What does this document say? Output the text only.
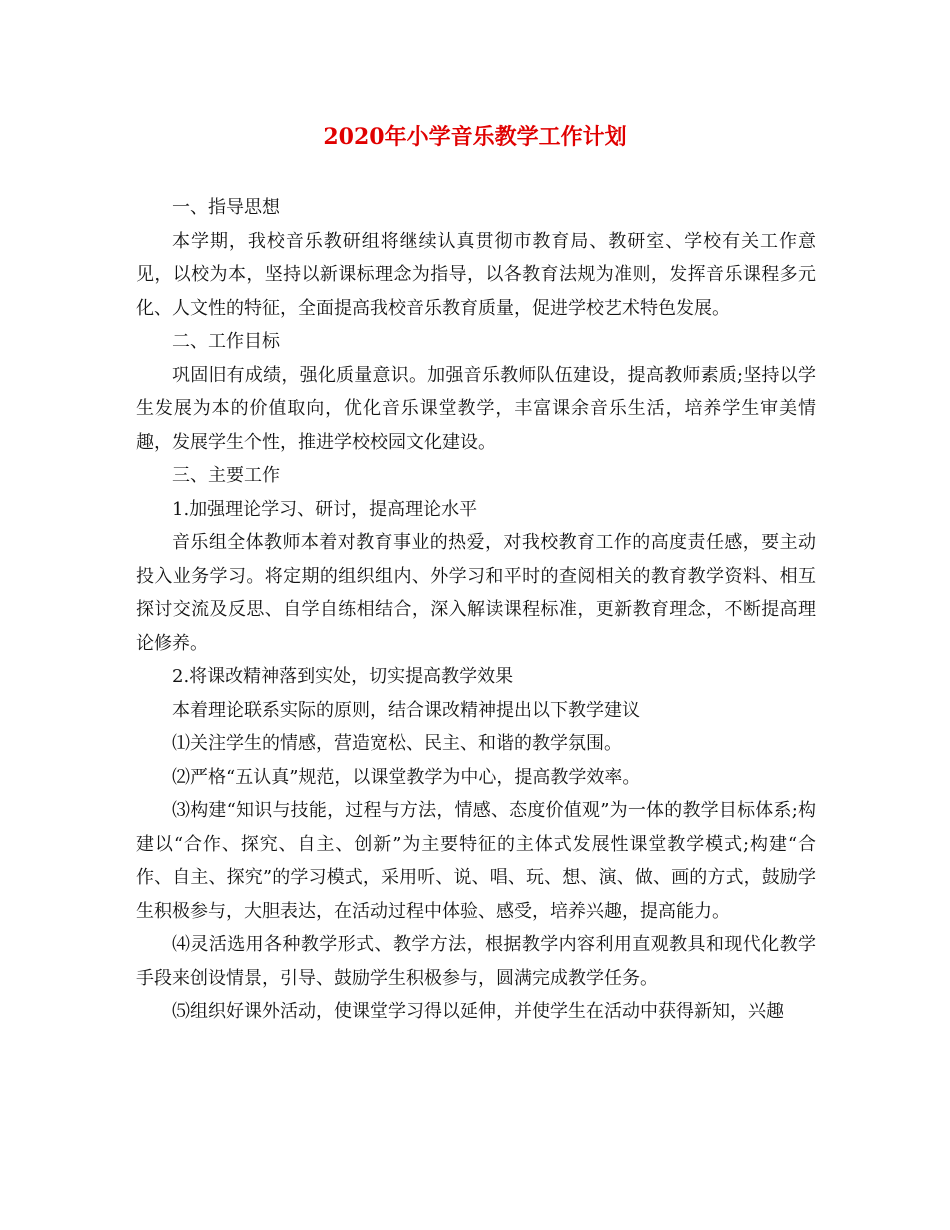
2020年小学音乐教学工作计划

一、指导思想

本学期，我校音乐教研组将继续认真贯彻市教育局、教研室、学校有关工作意见，以校为本，坚持以新课标理念为指导，以各教育法规为准则，发挥音乐课程多元化、人文性的特征，全面提高我校音乐教育质量，促进学校艺术特色发展。

二、工作目标

巩固旧有成绩，强化质量意识。加强音乐教师队伍建设，提高教师素质;坚持以学生发展为本的价值取向，优化音乐课堂教学，丰富课余音乐生活，培养学生审美情趣，发展学生个性，推进学校校园文化建设。

三、主要工作

1.加强理论学习、研讨，提高理论水平

音乐组全体教师本着对教育事业的热爱，对我校教育工作的高度责任感，要主动投入业务学习。将定期的组织组内、外学习和平时的查阅相关的教育教学资料、相互探讨交流及反思、自学自练相结合，深入解读课程标准，更新教育理念，不断提高理论修养。

2.将课改精神落到实处，切实提高教学效果

本着理论联系实际的原则，结合课改精神提出以下教学建议

⑴关注学生的情感，营造宽松、民主、和谐的教学氛围。

⑵严格“五认真”规范，以课堂教学为中心，提高教学效率。

⑶构建“知识与技能，过程与方法，情感、态度价值观”为一体的教学目标体系;构建以“合作、探究、自主、创新”为主要特征的主体式发展性课堂教学模式;构建“合作、自主、探究”的学习模式，采用听、说、唱、玩、想、演、做、画的方式，鼓励学生积极参与，大胆表达，在活动过程中体验、感受，培养兴趣，提高能力。

⑷灵活选用各种教学形式、教学方法，根据教学内容利用直观教具和现代化教学手段来创设情景，引导、鼓励学生积极参与，圆满完成教学任务。

⑸组织好课外活动，使课堂学习得以延伸，并使学生在活动中获得新知，兴趣
